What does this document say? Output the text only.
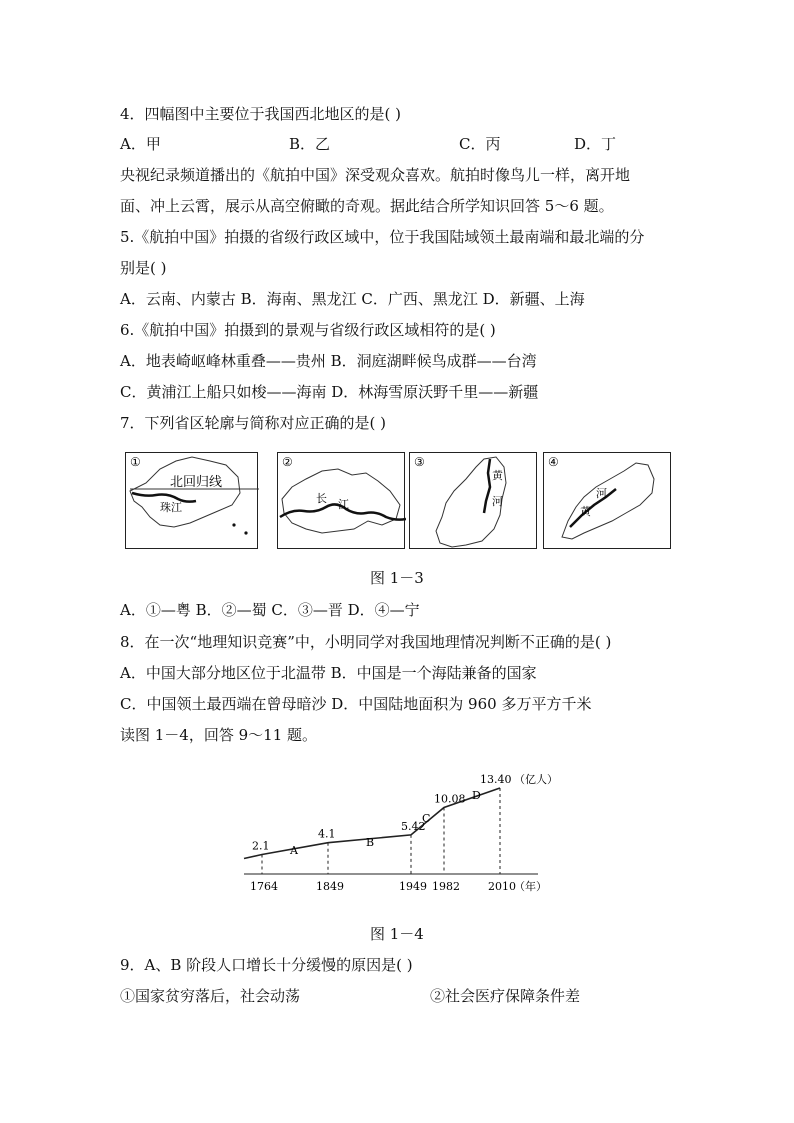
4．四幅图中主要位于我国西北地区的是( )
A．甲	B．乙	C．丙	D．丁
央视纪录频道播出的《航拍中国》深受观众喜欢。航拍时像鸟儿一样，离开地
面、冲上云霄，展示从高空俯瞰的奇观。据此结合所学知识回答 5～6 题。
5.《航拍中国》拍摄的省级行政区域中，位于我国陆域领土最南端和最北端的分
别是( )
A．云南、内蒙古 B．海南、黑龙江 C．广西、黑龙江 D．新疆、上海
6.《航拍中国》拍摄到的景观与省级行政区域相符的是( )
A．地表崎岖峰林重叠——贵州 B．洞庭湖畔候鸟成群——台湾
C．黄浦江上船只如梭——海南 D．林海雪原沃野千里——新疆
7．下列省区轮廓与简称对应正确的是( )
①
北回归线
珠江
②
长 江
③
黄
河
④
河
黄
图 1－3
A．①—粤 B．②—蜀 C．③—晋 D．④—宁
8．在一次“地理知识竞赛”中，小明同学对我国地理情况判断不正确的是( )
A．中国大部分地区位于北温带 B．中国是一个海陆兼备的国家
C．中国领土最西端在曾母暗沙 D．中国陆地面积为 960 多万平方千米
读图 1－4，回答 9～11 题。
2.1
1764
4.1
1849
5.42
1949
10.08
1982
13.40
2010
（亿人）
（年）
A
B
C
D
图 1－4
9．A、B 阶段人口增长十分缓慢的原因是( )
①国家贫穷落后，社会动荡	②社会医疗保障条件差
